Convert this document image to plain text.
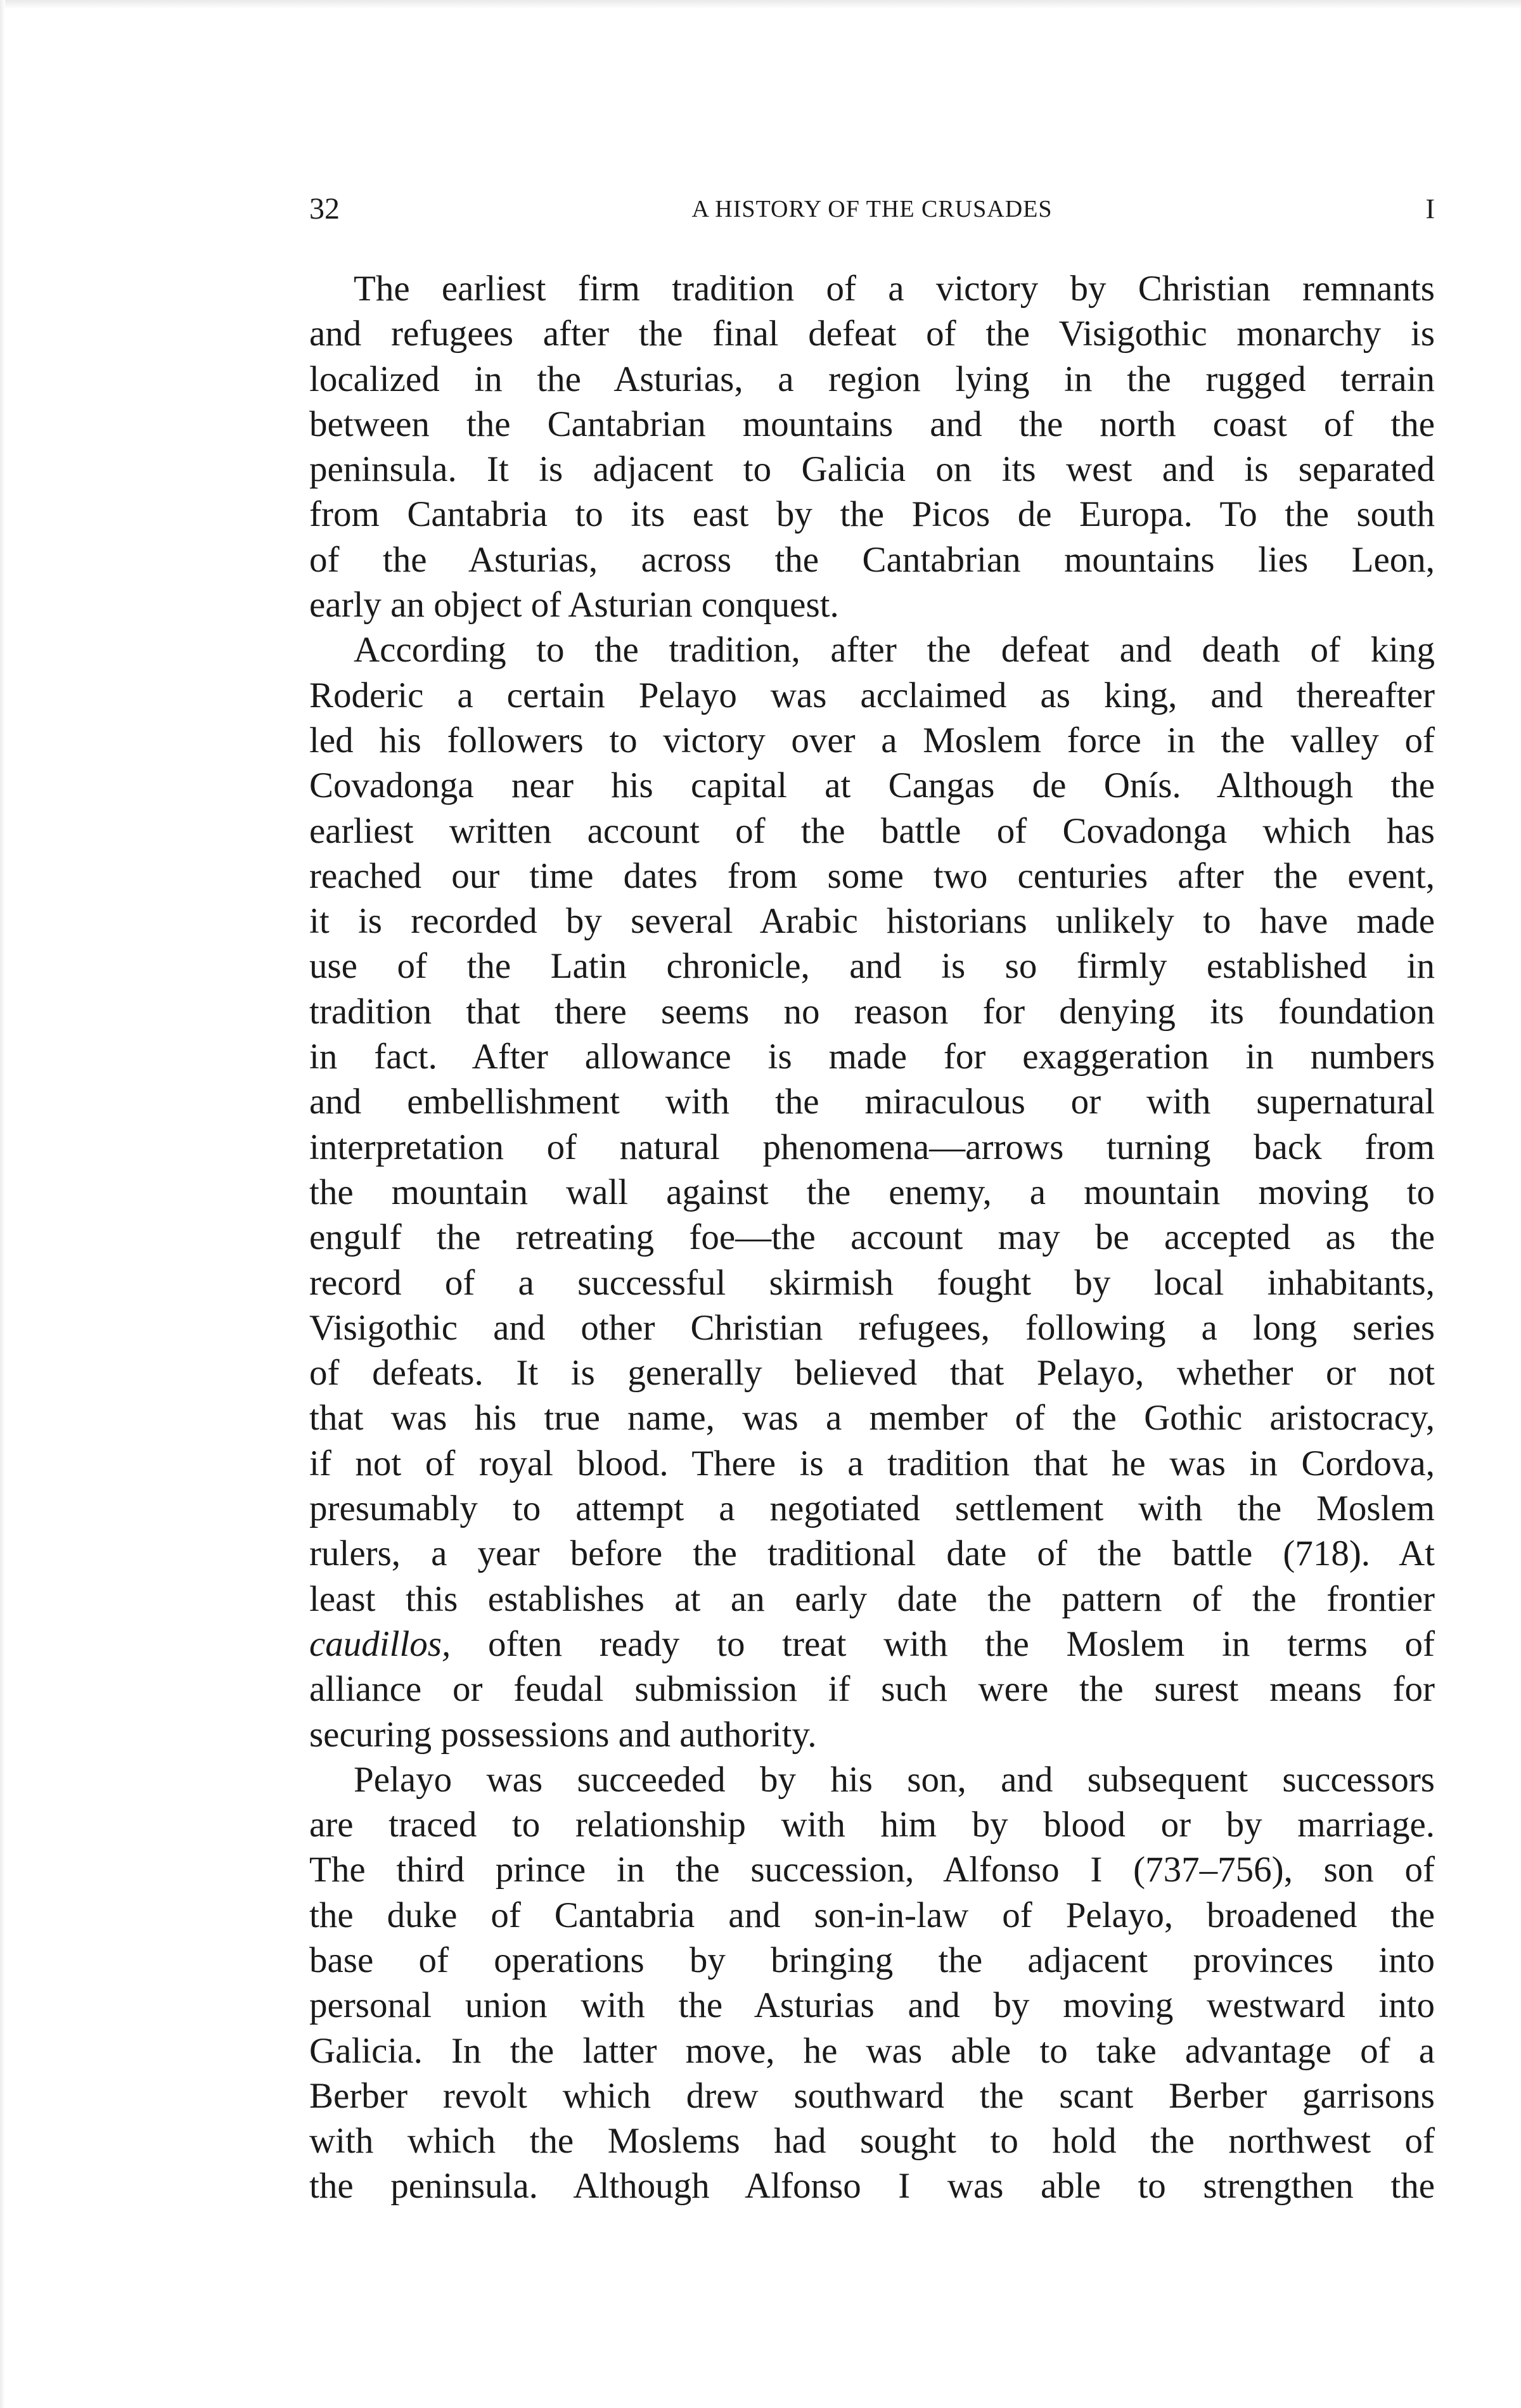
32	A HISTORY OF THE CRUSADES	I
The earliest firm tradition of a victory by Christian remnants
and refugees after the final defeat of the Visigothic monarchy is
localized in the Asturias, a region lying in the rugged terrain
between the Cantabrian mountains and the north coast of the
peninsula. It is adjacent to Galicia on its west and is separated
from Cantabria to its east by the Picos de Europa. To the south
of the Asturias, across the Cantabrian mountains lies Leon,
early an object of Asturian conquest.
According to the tradition, after the defeat and death of king
Roderic a certain Pelayo was acclaimed as king, and thereafter
led his followers to victory over a Moslem force in the valley of
Covadonga near his capital at Cangas de Onís. Although the
earliest written account of the battle of Covadonga which has
reached our time dates from some two centuries after the event,
it is recorded by several Arabic historians unlikely to have made
use of the Latin chronicle, and is so firmly established in
tradition that there seems no reason for denying its foundation
in fact. After allowance is made for exaggeration in numbers
and embellishment with the miraculous or with supernatural
interpretation of natural phenomena—arrows turning back from
the mountain wall against the enemy, a mountain moving to
engulf the retreating foe—the account may be accepted as the
record of a successful skirmish fought by local inhabitants,
Visigothic and other Christian refugees, following a long series
of defeats. It is generally believed that Pelayo, whether or not
that was his true name, was a member of the Gothic aristocracy,
if not of royal blood. There is a tradition that he was in Cordova,
presumably to attempt a negotiated settlement with the Moslem
rulers, a year before the traditional date of the battle (718). At
least this establishes at an early date the pattern of the frontier
caudillos, often ready to treat with the Moslem in terms of
alliance or feudal submission if such were the surest means for
securing possessions and authority.
Pelayo was succeeded by his son, and subsequent successors
are traced to relationship with him by blood or by marriage.
The third prince in the succession, Alfonso I (737–756), son of
the duke of Cantabria and son-in-law of Pelayo, broadened the
base of operations by bringing the adjacent provinces into
personal union with the Asturias and by moving westward into
Galicia. In the latter move, he was able to take advantage of a
Berber revolt which drew southward the scant Berber garrisons
with which the Moslems had sought to hold the northwest of
the peninsula. Although Alfonso I was able to strengthen the
